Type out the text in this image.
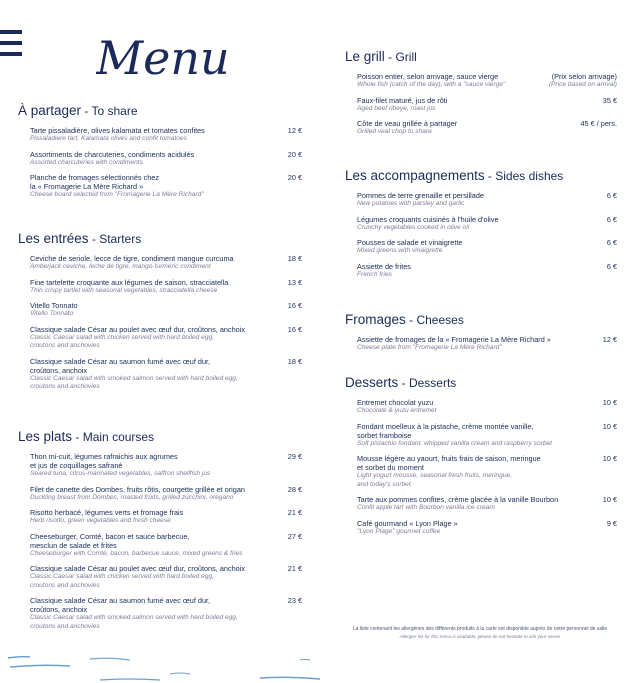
Menu
À partager - To share
Tarte pissaladière, olives kalamata et tomates confites
Pissaladiere tart, Kalamata olives and confit tomatoes
12 €
Assortiments de charcuteries, condiments acidulés
Assorted charcuteries with condiments
20 €
Planche de fromages sélectionnés chez
la « Fromagerie La Mère Richard »
Cheese board selected from "Fromagerie La Mère Richard"
20 €
Les entrées - Starters
Ceviche de seriole, lecce de tigre, condiment mangue curcuma
Amberjack ceviche, leche de tigre, mango-turmeric condiment
18 €
Fine tartelette croquante aux légumes de saison, stracciatella
Thin crispy tartlet with seasonal vegetables, stracciatella cheese
13 €
Vitello Tonnato
Vitello Tonnato
16 €
Classique salade César au poulet avec œuf dur, croûtons, anchoix
Classic Caesar salad with chicken served with hard boiled egg,
croutons and anchovies
16 €
Classique salade César au saumon fumé avec œuf dur,
croûtons, anchoix
Classic Caesar salad with smoked salmon served with hard boiled egg,
croutons and anchovies
18 €
Les plats - Main courses
Thon mi-cuit, légumes rafraichis aux agrumes
et jus de coquillages safrané
Seared tuna, citrus-marinated vegetables, saffron shellfish jus
29 €
Filet de canette des Dombes, fruits rôtis, courgette grillée et origan
Duckling breast from Dombes, roasted fruits, grilled zucchini, oregano
28 €
Risotto herbacé, légumes verts et fromage frais
Herb risotto, green vegetables and fresh cheese
21 €
Cheeseburger, Comté, bacon et sauce barbecue,
mesclun de salade et frites
Cheeseburger with Comté, bacon, barbecue sauce, mixed greens & fries
27 €
Classique salade César au poulet avec œuf dur, croûtons, anchoix
Classic Caesar salad with chicken served with hard boiled egg,
croutons and anchovies
21 €
Classique salade César au saumon fumé avec œuf dur,
croûtons, anchoix
Classic Caesar salad with smoked salmon served with hard boiled egg,
croutons and anchovies
23 €
Le grill - Grill
Poisson entier, selon arrivage, sauce vierge
Whole fish (catch of the day), with a "sauce vierge"
(Prix selon arrivage)
(Price based on arrival)
Faux-filet maturé, jus de rôti
Aged beef ribeye, roast jus
35 €
Côte de veau grillée à partager
Grilled veal chop to share
45 € / pers.
Les accompagnements - Sides dishes
Pommes de terre grenaille et persillade
New potatoes with parsley and garlic
6 €
Légumes croquants cuisinés à l'huile d'olive
Crunchy vegetables cooked in olive oil
6 €
Pousses de salade et vinaigrette
Mixed greens with vinaigrette
6 €
Assiette de frites
French fries
6 €
Fromages - Cheeses
Assiette de fromages de la « Fromagerie La Mère Richard »
Cheese plate from "Fromagerie La Mère Richard"
12 €
Desserts - Desserts
Entremet chocolat yuzu
Chocolate & yuzu entremet
10 €
Fondant moelleux à la pistache, crème montée vanille,
sorbet framboise
Soft pistachio fondant, whipped vanilla cream and raspberry sorbet
10 €
Mousse légère au yaourt, fruits frais de saison, meringue
et sorbet du moment
Light yogurt mousse, seasonal fresh fruits, meringue,
and today's sorbet
10 €
Tarte aux pommes confites, crème glacée à la vanille Bourbon
Confit apple tart with Bourbon vanilla ice cream
10 €
Café gourmand « Lyon Plage »
"Lyon Plage" gourmet coffee
9 €
La liste contenant les allergènes des différents produits à la carte est disponible auprès de notre personnel de salle
Allergen list for this menu is available, please do not hesitate to ask your server
